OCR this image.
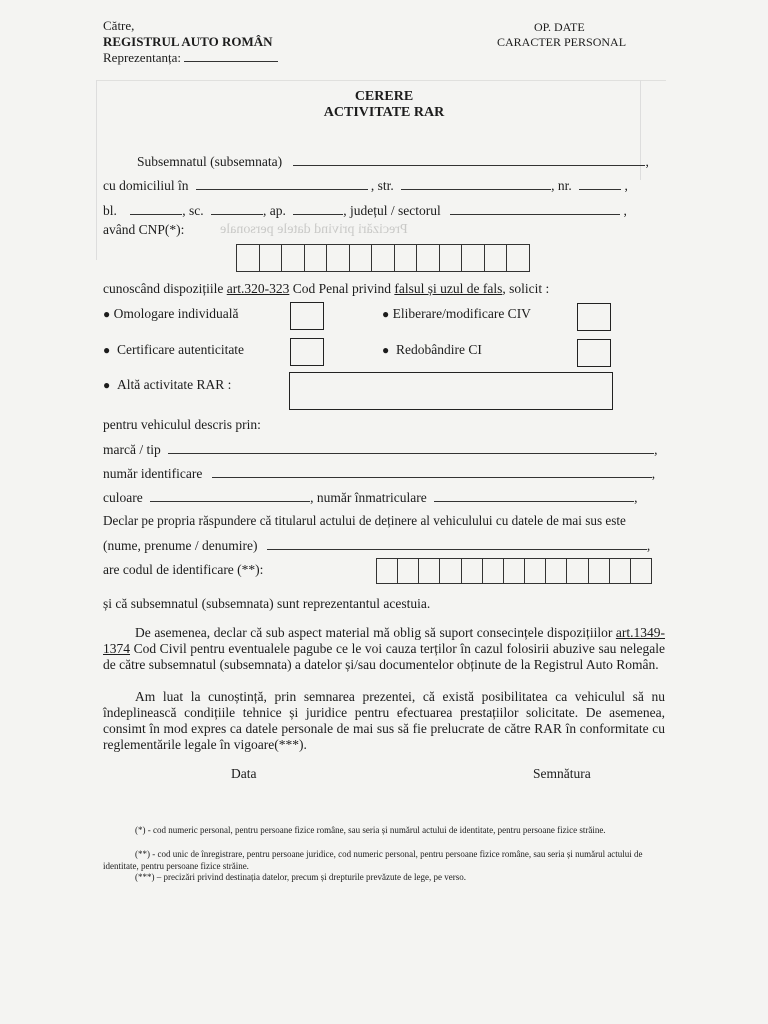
Precizări privind datele personale
Către,
REGISTRUL AUTO ROMÂN
Reprezentanța:
OP. DATE
CARACTER PERSONAL
CERERE
ACTIVITATE RAR
Subsemnatul (subsemnata)	,
cu domiciliul în	, str.	, nr.	,
bl.	, sc.	, ap.	, județul / sectorul	,
având CNP(*):
cunoscând dispozițiile art.320-323 Cod Penal privind falsul și uzul de fals, solicit :
● Omologare individuală	● Eliberare/modificare CIV
● Certificare autenticitate	● Redobândire CI
● Altă activitate RAR :
pentru vehiculul descris prin:
marcă / tip	,
număr identificare	,
culoare	, număr înmatriculare	,
Declar pe propria răspundere că titularul actului de deținere al vehiculului cu datele de mai sus este
(nume, prenume / denumire)	,
are codul de identificare (**):
și că subsemnatul (subsemnata) sunt reprezentantul acestuia.
De asemenea, declar că sub aspect material mă oblig să suport consecințele dispozițiilor art.1349-1374 Cod Civil pentru eventualele pagube ce le voi cauza terților în cazul folosirii abuzive sau nelegale de către subsemnatul (subsemnata) a datelor și/sau documentelor obținute de la Registrul Auto Român.
Am luat la cunoștință, prin semnarea prezentei, că există posibilitatea ca vehiculul să nu îndeplinească condițiile tehnice și juridice pentru efectuarea prestațiilor solicitate. De asemenea, consimt în mod expres ca datele personale de mai sus să fie prelucrate de către RAR în conformitate cu reglementările legale în vigoare(***).
Data	Semnătura
(*) - cod numeric personal, pentru persoane fizice române, sau seria și numărul actului de identitate, pentru persoane fizice străine.
(**) - cod unic de înregistrare, pentru persoane juridice, cod numeric personal, pentru persoane fizice române, sau seria și numărul actului de identitate, pentru persoane fizice străine.
(***) – precizări privind destinația datelor, precum și drepturile prevăzute de lege, pe verso.
